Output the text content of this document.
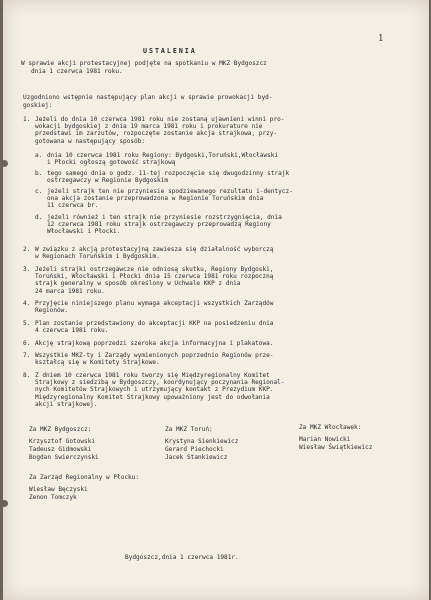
1
USTALENIA
W sprawie akcji protestacyjnej podjęte na spotkaniu w MKZ Bydgoszcz
dnia 1 czerwca 1981 roku.
Uzgodniono wstępnie następujący plan akcji w sprawie prowokacji byd-
goskiej:
Za MKZ Bydgoszcz:
Krzysztof Gotowski
Tadeusz Gidmowski
Bogdan Swierczynski
Za MKZ Toruń:
Krystyna Sienkiewicz
Gerard Piechocki
Jacek Stankiewicz
Za MKZ Włocławek:
Marian Nowicki
Wiesław Świątkiewicz
Za Zarząd Regionalny w Płocku:
Wiesław Bęczyski
Zenon Tomczyk
Bydgoszcz,dnia 1 czerwca 1981r.
1. Jeżeli do dnia 10 czerwca 1981 roku nie zostaną ujawnieni winni pro-
wokacji bydgoskiej z dnia 19 marca 1981 roku i prokurature nie
przedstawi im zarzutów, rozpoczęte zostanie akcja strajkowa, przy-
gotowana w następujący sposób:
a. dnia 10 czerwca 1981 roku Regiony: Bydgoski,Toruński,Włocławski
i Płocki ogłoszą gotowość strajkową
b. tego samego dnia o godz. 11-tej rozpoczęcie się dwugodzinny strajk
ostrzegawczy w Regionie Bydgoskim
c. jeżeli strajk ten nie przyniesie spodziewanego rezultatu i-dentycz-
ona akcja zostanie przeprowadzona w Regionie Toruńskim dnia
11 czerwca br.
d. jeżeli również i ten strajk nie przyniesie rozstrzygnięcia, dnia
12 czerwca 1981 roku strajk ostrzegawczy przeprowadzą Regiony
Włocławski i Płocki.
2. W związku z akcją protestacyjną zawiesza się działalność wyborczą
w Regionach Toruńskim i Bydgoskim.
3. Jeżeli strajki ostrzegawcze nie odniosą skutku, Regiony Bydgoski,
Toruński, Włocławski i Płocki dnia 15 czerwca 1981 roku rozpoczną
strajk generalny w sposób określony w Uchwale KKP z dnia
24 marca 1981 roku.
4. Przyjęcie niniejszego planu wymaga akceptacji wszystkich Zarządów
Regionów.
5. Plan zostanie przedstawiony do akceptacji KKP na posiedzeniu dnia
4 czerwca 1981 roku.
6. Akcję strajkową poprzedzi szeroka akcja informacyjna i plakatowa.
7. Wszystkie MKZ-ty i Zarządy wymienionych poprzednio Regionów prze-
kształcą się w Komitety Strajkowe.
8. Z dniem 10 czerwca 1981 roku tworzy się Międzyregionalny Komitet
Strajkowy z siedzibą w Bydgoszczy, koordynujący poczynania Regional-
nych Komitetów Strajkowych i utrzymujący kontakt z Prezydium KKP.
Międzyregionalny Komitet Strajkowy upoważniony jest do odwołania
akcji strajkowej.
